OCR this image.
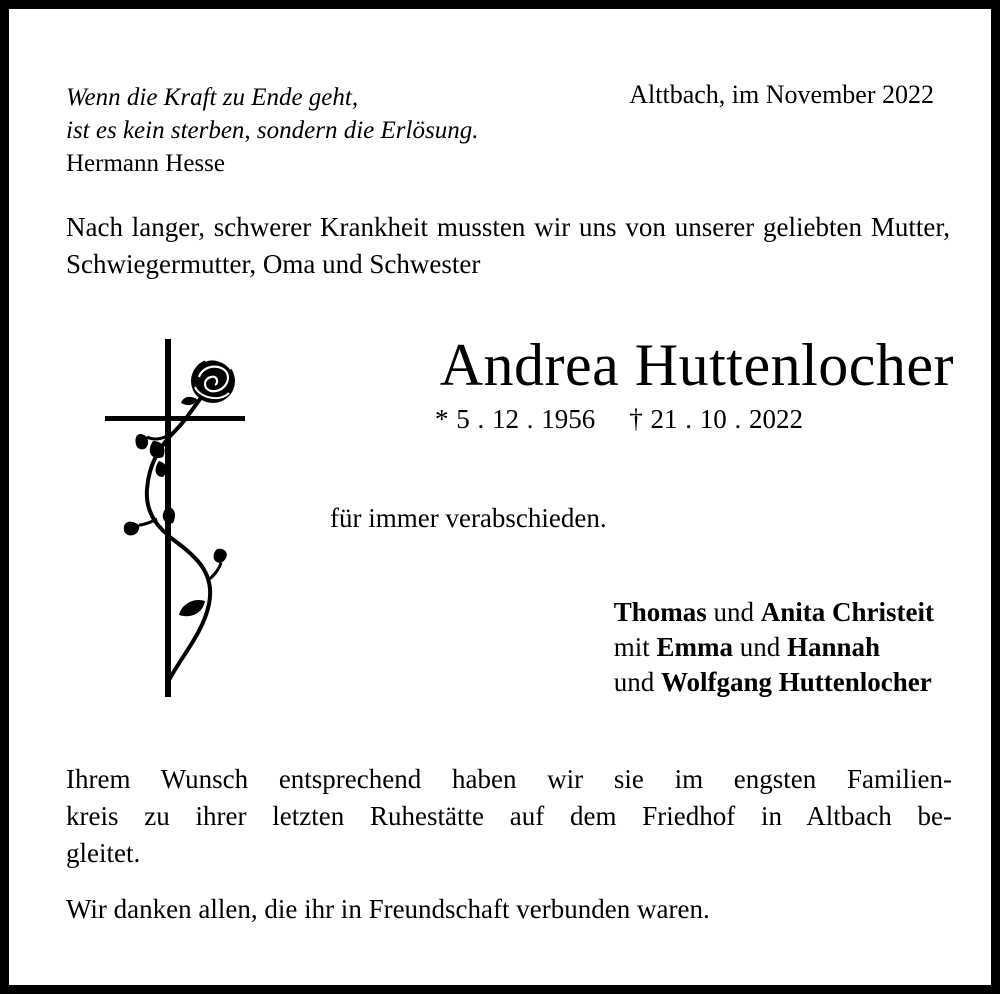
Wenn die Kraft zu Ende geht,
ist es kein sterben, sondern die Erlösung.
Hermann Hesse
Alttbach, im November 2022
Nach langer, schwerer Krankheit mussten wir uns von unserer geliebten Mutter, Schwiegermutter, Oma und Schwester
Andrea Huttenlocher
* 5 . 12 . 1956 † 21 . 10 . 2022
für immer verabschieden.
Thomas und Anita Christeit
mit Emma und Hannah
und Wolfgang Huttenlocher
Ihrem Wunsch entsprechend haben wir sie im engsten Familien-
kreis zu ihrer letzten Ruhestätte auf dem Friedhof in Altbach be-
gleitet.
Wir danken allen, die ihr in Freundschaft verbunden waren.
